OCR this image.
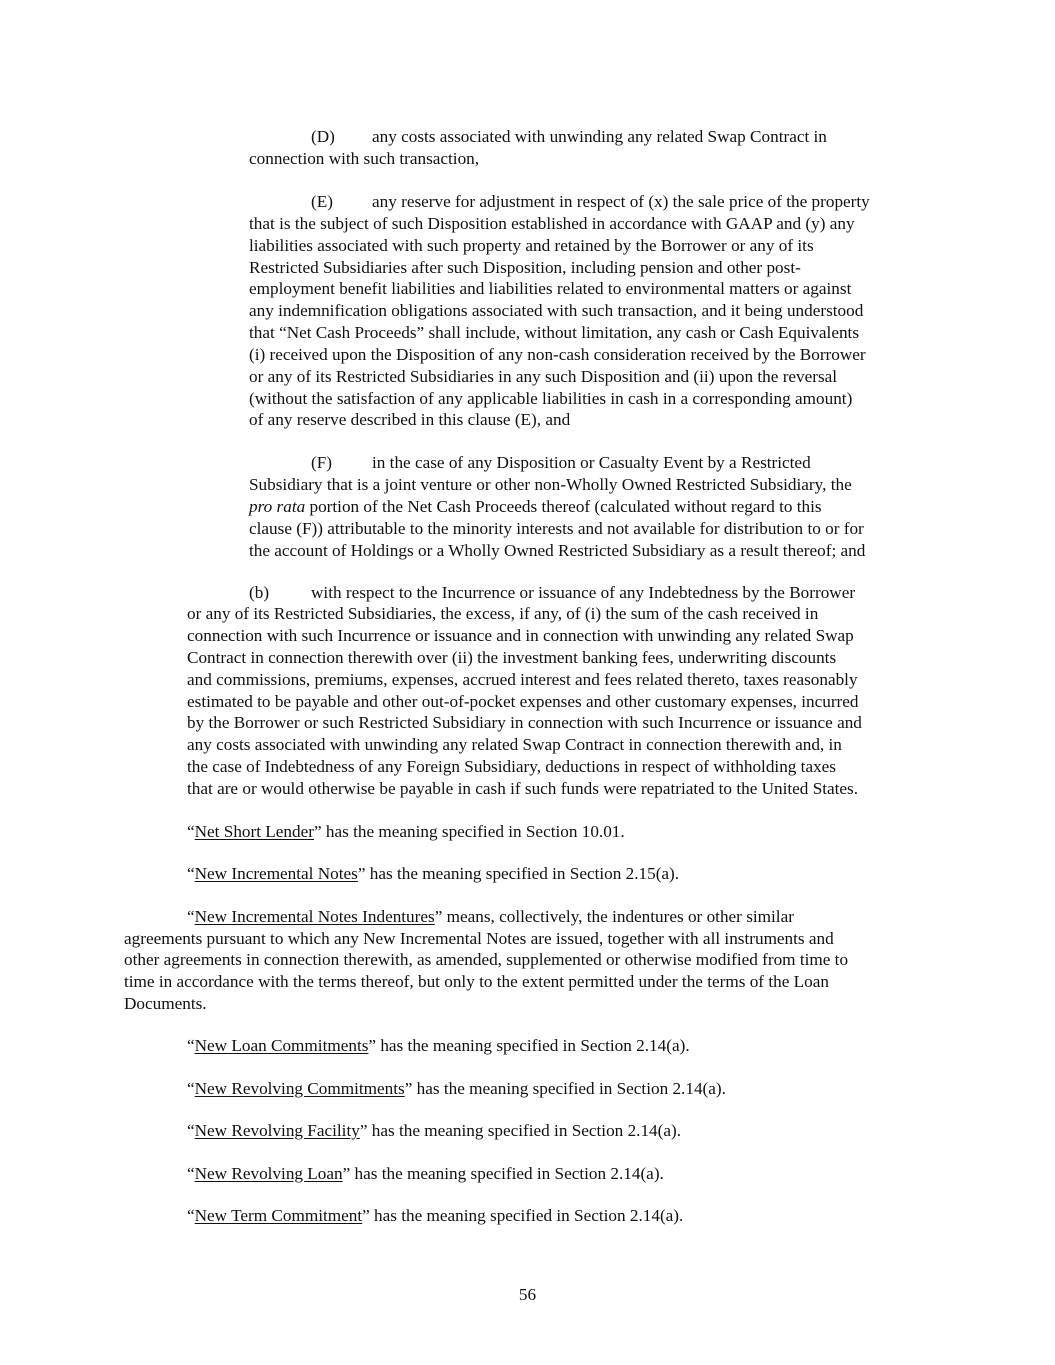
(D) any costs associated with unwinding any related Swap Contract in
connection with such transaction,
(E) any reserve for adjustment in respect of (x) the sale price of the property
that is the subject of such Disposition established in accordance with GAAP and (y) any
liabilities associated with such property and retained by the Borrower or any of its
Restricted Subsidiaries after such Disposition, including pension and other post-
employment benefit liabilities and liabilities related to environmental matters or against
any indemnification obligations associated with such transaction, and it being understood
that “Net Cash Proceeds” shall include, without limitation, any cash or Cash Equivalents
(i) received upon the Disposition of any non-cash consideration received by the Borrower
or any of its Restricted Subsidiaries in any such Disposition and (ii) upon the reversal
(without the satisfaction of any applicable liabilities in cash in a corresponding amount)
of any reserve described in this clause (E), and
(F) in the case of any Disposition or Casualty Event by a Restricted
Subsidiary that is a joint venture or other non-Wholly Owned Restricted Subsidiary, the
pro rata portion of the Net Cash Proceeds thereof (calculated without regard to this
clause (F)) attributable to the minority interests and not available for distribution to or for
the account of Holdings or a Wholly Owned Restricted Subsidiary as a result thereof; and
(b) with respect to the Incurrence or issuance of any Indebtedness by the Borrower
or any of its Restricted Subsidiaries, the excess, if any, of (i) the sum of the cash received in
connection with such Incurrence or issuance and in connection with unwinding any related Swap
Contract in connection therewith over (ii) the investment banking fees, underwriting discounts
and commissions, premiums, expenses, accrued interest and fees related thereto, taxes reasonably
estimated to be payable and other out-of-pocket expenses and other customary expenses, incurred
by the Borrower or such Restricted Subsidiary in connection with such Incurrence or issuance and
any costs associated with unwinding any related Swap Contract in connection therewith and, in
the case of Indebtedness of any Foreign Subsidiary, deductions in respect of withholding taxes
that are or would otherwise be payable in cash if such funds were repatriated to the United States.
“Net Short Lender” has the meaning specified in Section 10.01.
“New Incremental Notes” has the meaning specified in Section 2.15(a).
“New Incremental Notes Indentures” means, collectively, the indentures or other similar
agreements pursuant to which any New Incremental Notes are issued, together with all instruments and
other agreements in connection therewith, as amended, supplemented or otherwise modified from time to
time in accordance with the terms thereof, but only to the extent permitted under the terms of the Loan
Documents.
“New Loan Commitments” has the meaning specified in Section 2.14(a).
“New Revolving Commitments” has the meaning specified in Section 2.14(a).
“New Revolving Facility” has the meaning specified in Section 2.14(a).
“New Revolving Loan” has the meaning specified in Section 2.14(a).
“New Term Commitment” has the meaning specified in Section 2.14(a).
56
